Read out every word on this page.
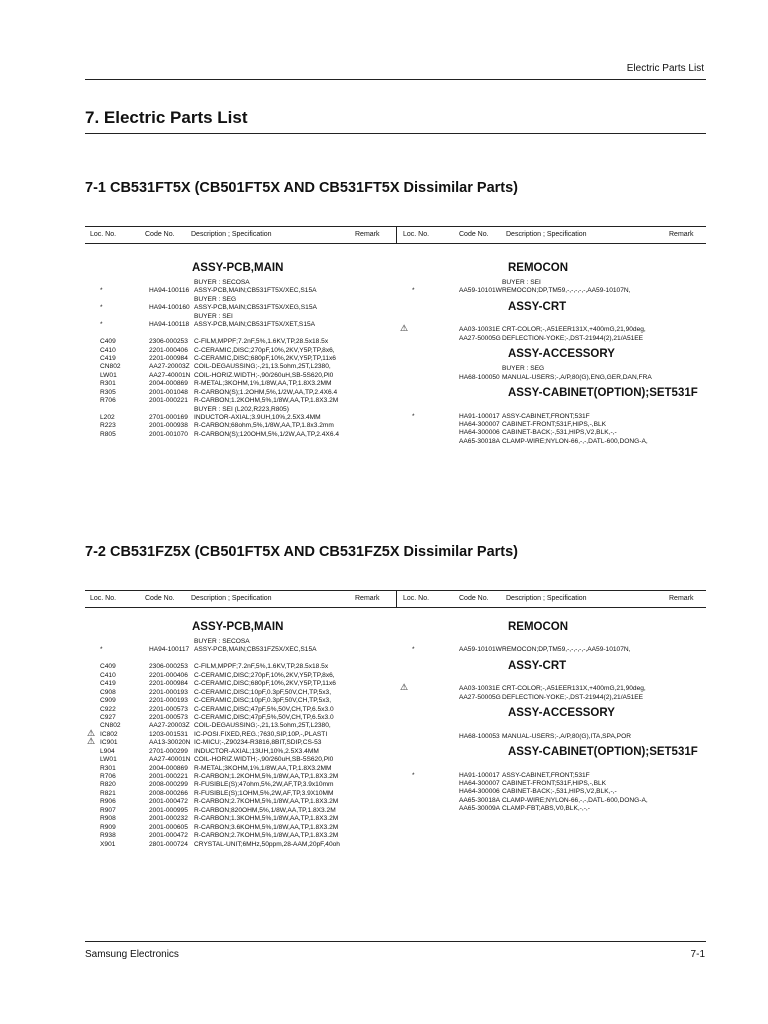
Electric Parts List
7. Electric Parts List
7-1 CB531FT5X (CB501FT5X AND CB531FT5X Dissimilar Parts)
Loc. No.	Code No. Description ; Specification	Remark	Loc. No.	Code No. Description ; Specification	Remark
ASSY-PCB,MAIN
BUYER : SECOSA
*	HA94-100116 ASSY-PCB,MAIN;CB531FT5X/XEC,S15A
BUYER : SEG
*	HA94-100160 ASSY-PCB,MAIN;CB531FT5X/XEG,S15A
BUYER : SEI
*	HA94-100118 ASSY-PCB,MAIN;CB531FT5X/XET,S15A
C409	2306-000253 C-FILM,MPPF;7.2nF,5%,1.6KV,TP,28.5x18.5x
C410	2201-000406 C-CERAMIC,DISC;270pF,10%,2KV,Y5P,TP,8x6,
C419	2201-000984 C-CERAMIC,DISC;680pF,10%,2KV,Y5P,TP,11x6
CN802	AA27-20003Z COIL-DEGAUSSING;-,21,13.5ohm,25T,L2380,
LW01	AA27-40001N COIL-HORIZ.WIDTH;-,90/260uH,SB-5S620,Pl0
R301	2004-000869 R-METAL;3KOHM,1%,1/8W,AA,TP,1.8X3.2MM
R305	2001-001048 R-CARBON(S);1.2OHM,5%,1/2W,AA,TP,2.4X6.4
R706	2001-000221 R-CARBON;1.2KOHM,5%,1/8W,AA,TP,1.8X3.2M
BUYER : SEI (L202,R223,R805)
L202	2701-000169 INDUCTOR-AXIAL;3.9UH,10%,2.5X3.4MM
R223	2001-000938 R-CARBON;68ohm,5%,1/8W,AA,TP,1.8x3.2mm
R805	2001-001070 R-CARBON(S);120OHM,5%,1/2W,AA,TP,2.4X6.4
REMOCON
BUYER : SEI
*	AA59-10101W REMOCON;DP,TM59,-,-,-,-,-,AA59-10107N,
ASSY-CRT
⚠	AA03-10031E CRT-COLOR;-,A51EER131X,+400mG,21,90deg,
AA27-50005G DEFLECTION-YOKE;-,DST-21944(2),21/A51EE
ASSY-ACCESSORY
BUYER : SEG
HA68-100050 MANUAL-USERS;-,A/P,80(G),ENG,GER,DAN,FRA
ASSY-CABINET(OPTION);SET531F
*	HA91-100017 ASSY-CABINET,FRONT;531F
HA64-300007 CABINET-FRONT;531F,HIPS,-,BLK
HA64-300006 CABINET-BACK;-,531,HIPS,V2,BLK,-,-
AA65-30018A CLAMP-WIRE;NYLON-66,-,-,DATL-600,DONG-A,
7-2 CB531FZ5X (CB501FT5X AND CB531FZ5X Dissimilar Parts)
Loc. No.	Code No. Description ; Specification	Remark	Loc. No.	Code No. Description ; Specification	Remark
ASSY-PCB,MAIN
BUYER : SECOSA
*	HA94-100117 ASSY-PCB,MAIN;CB531FZ5X/XEC,S15A
C409	2306-000253 C-FILM,MPPF;7.2nF,5%,1.6KV,TP,28.5x18.5x
C410	2201-000406 C-CERAMIC,DISC;270pF,10%,2KV,Y5P,TP,8x6,
C419	2201-000984 C-CERAMIC,DISC;680pF,10%,2KV,Y5P,TP,11x6
C908	2201-000193 C-CERAMIC,DISC;10pF,0.3pF,50V,CH,TP,5x3,
C909	2201-000193 C-CERAMIC,DISC;10pF,0.3pF,50V,CH,TP,5x3,
C922	2201-000573 C-CERAMIC,DISC;47pF,5%,50V,CH,TP,6.5x3.0
C927	2201-000573 C-CERAMIC,DISC;47pF,5%,50V,CH,TP,6.5x3.0
CN802	AA27-20003Z COIL-DEGAUSSING;-,21,13.5ohm,25T,L2380,
⚠ IC802	1203-001531 IC-POSI.FIXED,REG.;7630,SIP,10P,-,PLASTI
⚠ IC901	AA13-30020N IC-MICU;-,Z90234-R3816,8BIT,SDIP,CS-53
L904	2701-000299 INDUCTOR-AXIAL;13UH,10%,2.5X3.4MM
LW01	AA27-40001N COIL-HORIZ.WIDTH;-,90/260uH,SB-5S620,Pl0
R301	2004-000869 R-METAL;3KOHM,1%,1/8W,AA,TP,1.8X3.2MM
R706	2001-000221 R-CARBON;1.2KOHM,5%,1/8W,AA,TP,1.8X3.2M
R820	2008-000299 R-FUSIBLE(S);47ohm,5%,2W,AF,TP,3.9x10mm
R821	2008-000266 R-FUSIBLE(S);1OHM,5%,2W,AF,TP,3.9X10MM
R906	2001-000472 R-CARBON;2.7KOHM,5%,1/8W,AA,TP,1.8X3.2M
R907	2001-000995 R-CARBON;820OHM,5%,1/8W,AA,TP,1.8X3.2M
R908	2001-000232 R-CARBON;1.3KOHM,5%,1/8W,AA,TP,1.8X3.2M
R909	2001-000605 R-CARBON;3.6KOHM,5%,1/8W,AA,TP,1.8X3.2M
R938	2001-000472 R-CARBON;2.7KOHM,5%,1/8W,AA,TP,1.8X3.2M
X901	2801-000724 CRYSTAL-UNIT;6MHz,50ppm,28-AAM,20pF,40oh
REMOCON
*	AA59-10101W REMOCON;DP,TM59,-,-,-,-,-,AA59-10107N,
ASSY-CRT
⚠	AA03-10031E CRT-COLOR;-,A51EER131X,+400mG,21,90deg,
AA27-50005G DEFLECTION-YOKE;-,DST-21944(2),21/A51EE
ASSY-ACCESSORY
HA68-100053 MANUAL-USERS;-,A/P,80(G),ITA,SPA,POR
ASSY-CABINET(OPTION);SET531F
*	HA91-100017 ASSY-CABINET,FRONT;531F
HA64-300007 CABINET-FRONT;531F,HIPS,-,BLK
HA64-300006 CABINET-BACK;-,531,HIPS,V2,BLK,-,-
AA65-30018A CLAMP-WIRE;NYLON-66,-,-,DATL-600,DONG-A,
AA65-30009A CLAMP-FBT;ABS,V0,BLK,-,-,-
Samsung Electronics	7-1
